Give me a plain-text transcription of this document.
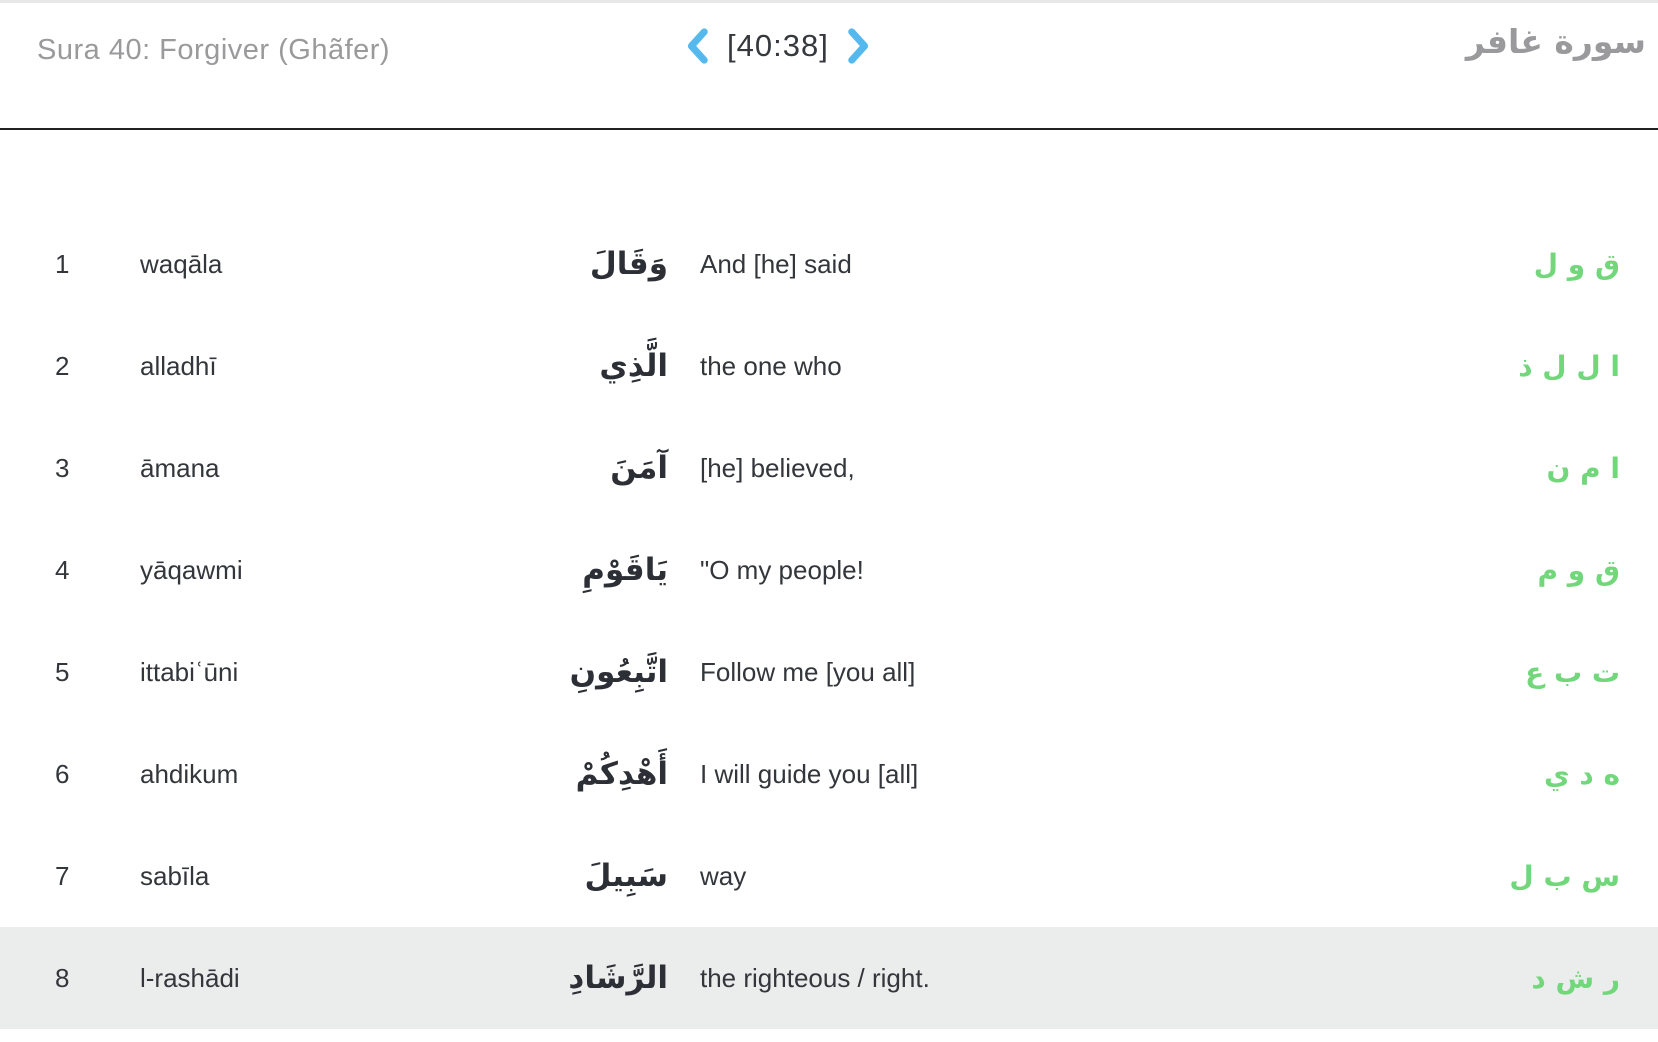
Sura 40: Forgiver (Ghãfer)	[40:38]	سورة غافر
1	waqāla	وَقَالَ	And [he] said	ق و ل
2	alladhī	الَّذِي	the one who	ا ل ل ذ
3	āmana	آمَنَ	[he] believed,	ا م ن
4	yāqawmi	يَاقَوْمِ	"O my people!	ق و م
5	ittabiʿūni	اتَّبِعُونِ	Follow me [you all]	ت ب ع
6	ahdikum	أَهْدِكُمْ	I will guide you [all]	ه د ي
7	sabīla	سَبِيلَ	way	س ب ل
8	l-rashādi	الرَّشَادِ	the righteous / right.	ر ش د
